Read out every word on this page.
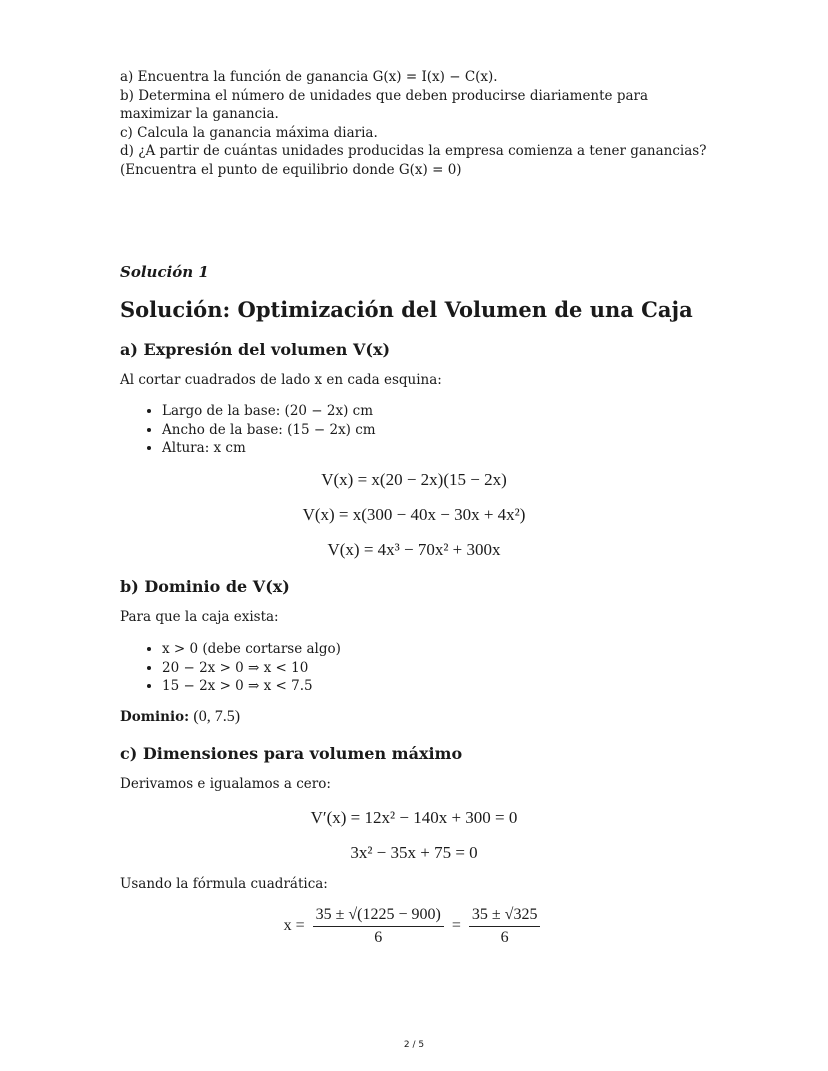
a) Encuentra la función de ganancia G(x) = I(x) − C(x).
b) Determina el número de unidades que deben producirse diariamente para maximizar la ganancia.
c) Calcula la ganancia máxima diaria.
d) ¿A partir de cuántas unidades producidas la empresa comienza a tener ganancias?
(Encuentra el punto de equilibrio donde G(x) = 0)
Solución 1
Solución: Optimización del Volumen de una Caja
a) Expresión del volumen V(x)
Al cortar cuadrados de lado x en cada esquina:
• Largo de la base: (20 − 2x) cm
• Ancho de la base: (15 − 2x) cm
• Altura: x cm
V(x) = x(20 − 2x)(15 − 2x)
V(x) = x(300 − 40x − 30x + 4x²)
V(x) = 4x³ − 70x² + 300x
b) Dominio de V(x)
Para que la caja exista:
• x > 0 (debe cortarse algo)
• 20 − 2x > 0 ⇒ x < 10
• 15 − 2x > 0 ⇒ x < 7.5
Dominio: (0, 7.5)
c) Dimensiones para volumen máximo
Derivamos e igualamos a cero:
V′(x) = 12x² − 140x + 300 = 0
3x² − 35x + 75 = 0
Usando la fórmula cuadrática:
$x = \frac{35 \pm √(1225 - 900)}{6} = \frac{35 \pm √325}{6}$
2 / 5
